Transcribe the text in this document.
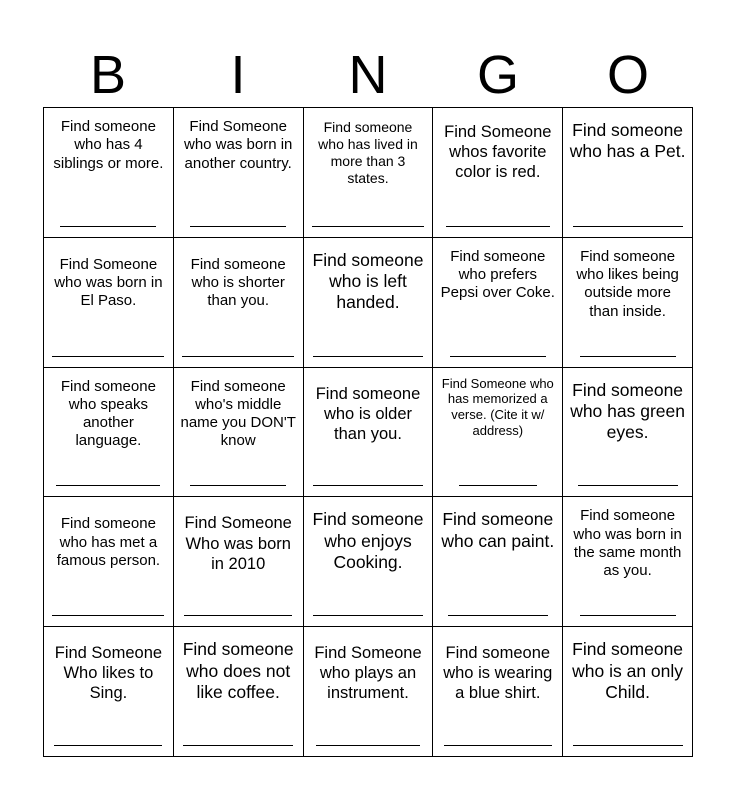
B	I	N	G	O
Find someone who has 4 siblings or more.
Find Someone who was born in another country.
Find someone who has lived in more than 3 states.
Find Someone whos favorite color is red.
Find someone who has a Pet.
Find Someone who was born in El Paso.
Find someone who is shorter than you.
Find someone who is left handed.
Find someone who prefers Pepsi over Coke.
Find someone who likes being outside more than inside.
Find someone who speaks another language.
Find someone who's middle name you DON'T know
Find someone who is older than you.
Find Someone who has memorized a verse. (Cite it w/ address)
Find someone who has green eyes.
Find someone who has met a famous person.
Find Someone Who was born in 2010
Find someone who enjoys Cooking.
Find someone who can paint.
Find someone who was born in the same month as you.
Find Someone Who likes to Sing.
Find someone who does not like coffee.
Find Someone who plays an instrument.
Find someone who is wearing a blue shirt.
Find someone who is an only Child.
